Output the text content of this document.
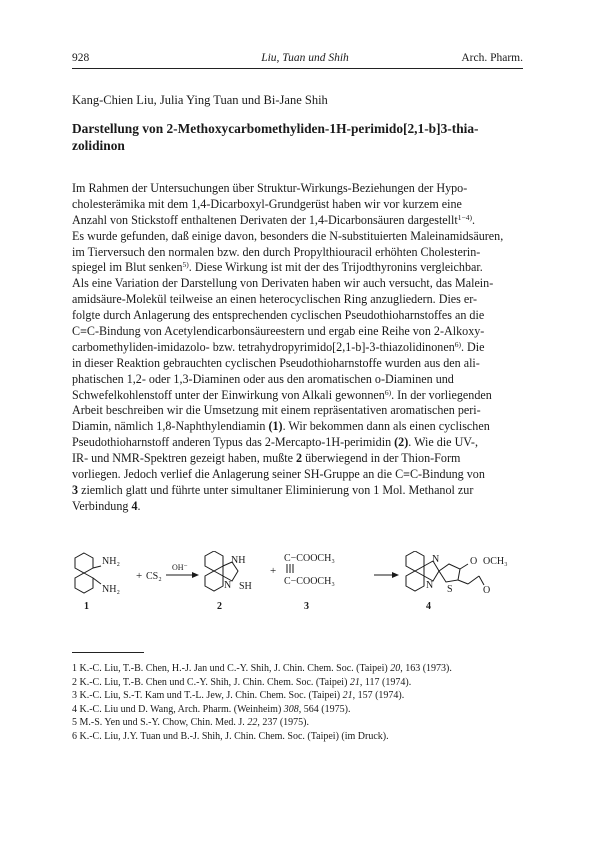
928	Liu, Tuan und Shih	Arch. Pharm.
Kang-Chien Liu, Julia Ying Tuan und Bi-Jane Shih
Darstellung von 2-Methoxycarbomethyliden-1H-perimido[2,1-b]3-thia-
zolidinon
Im Rahmen der Untersuchungen über Struktur-Wirkungs-Beziehungen der Hypo-
cholesterämika mit dem 1,4-Dicarboxyl-Grundgerüst haben wir vor kurzem eine
Anzahl von Stickstoff enthaltenen Derivaten der 1,4-Dicarbonsäuren dargestellt$^{1-4)}$.
Es wurde gefunden, daß einige davon, besonders die N-substituierten Maleinamidsäuren,
im Tierversuch den normalen bzw. den durch Propylthiouracil erhöhten Cholesterin-
spiegel im Blut senken$^{5)}$. Diese Wirkung ist mit der des Trijodthyronins vergleichbar.
Als eine Variation der Darstellung von Derivaten haben wir auch versucht, das Malein-
amidsäure-Molekül teilweise an einen heterocyclischen Ring anzugliedern. Dies er-
folgte durch Anlagerung des entsprechenden cyclischen Pseudothioharnstoffes an die
C≡C-Bindung von Acetylendicarbonsäureestern und ergab eine Reihe von 2-Alkoxy-
carbomethyliden-imidazolo- bzw. tetrahydropyrimido[2,1-b]-3-thiazolidinonen$^{6)}$. Die
in dieser Reaktion gebrauchten cyclischen Pseudothioharnstoffe wurden aus den ali-
phatischen 1,2- oder 1,3-Diaminen oder aus den aromatischen o-Diaminen und
Schwefelkohlenstoff unter der Einwirkung von Alkali gewonnen$^{6)}$. In der vorliegenden
Arbeit beschreiben wir die Umsetzung mit einem repräsentativen aromatischen peri-
Diamin, nämlich 1,8-Naphthylendiamin (1). Wir bekommen dann als einen cyclischen
Pseudothioharnstoff anderen Typus das 2-Mercapto-1H-perimidin (2). Wie die UV-,
IR- und NMR-Spektren gezeigt haben, mußte 2 überwiegend in der Thion-Form
vorliegen. Jedoch verlief die Anlagerung seiner SH-Gruppe an die C≡C-Bindung von
3 ziemlich glatt und führte unter simultaner Eliminierung von 1 Mol. Methanol zur
Verbindung 4.
NH₂
NH₂
+ CS₂
OH⁻
NH
N SH
+
C−COOCH₃
C−COOCH₃
N
N S
O OCH₃
O
1	2	3	4
1 K.-C. Liu, T.-B. Chen, H.-J. Jan und C.-Y. Shih, J. Chin. Chem. Soc. (Taipei) 20, 163 (1973).
2 K.-C. Liu, T.-B. Chen und C.-Y. Shih, J. Chin. Chem. Soc. (Taipei) 21, 117 (1974).
3 K.-C. Liu, S.-T. Kam und T.-L. Jew, J. Chin. Chem. Soc. (Taipei) 21, 157 (1974).
4 K.-C. Liu und D. Wang, Arch. Pharm. (Weinheim) 308, 564 (1975).
5 M.-S. Yen und S.-Y. Chow, Chin. Med. J. 22, 237 (1975).
6 K.-C. Liu, J.Y. Tuan und B.-J. Shih, J. Chin. Chem. Soc. (Taipei) (im Druck).
